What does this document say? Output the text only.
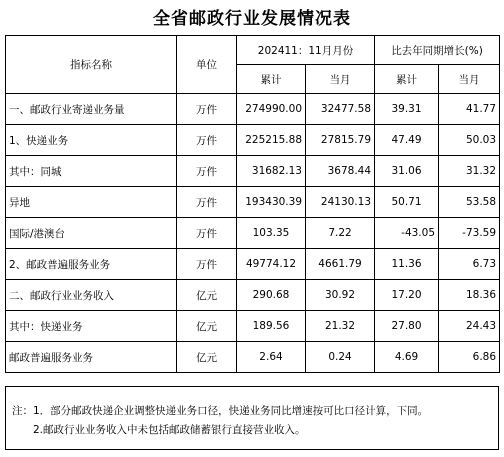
全省邮政行业发展情况表
指标名称	单位	202411：11月月份		比去年同期增长(%)	
		累计	当月	累计	当月
一、邮政行业寄递业务量	万件	274990.00	32477.58	39.31	41.77
1、快递业务	万件	225215.88	27815.79	47.49	50.03
其中：同城	万件	31682.13	3678.44	31.06	31.32
异地	万件	193430.39	24130.13	50.71	53.58
国际/港澳台	万件	103.35	7.22	-43.05	-73.59
2、邮政普遍服务业务	万件	49774.12	4661.79	11.36	6.73
二、邮政行业业务收入	亿元	290.68	30.92	17.20	18.36
其中：快递业务	亿元	189.56	21.32	27.80	24.43
邮政普遍服务业务	亿元	2.64	0.24	4.69	6.86
注：1．部分邮政快递企业调整快递业务口径，快递业务同比增速按可比口径计算，下同。
2.邮政行业业务收入中未包括邮政储蓄银行直接营业收入。
